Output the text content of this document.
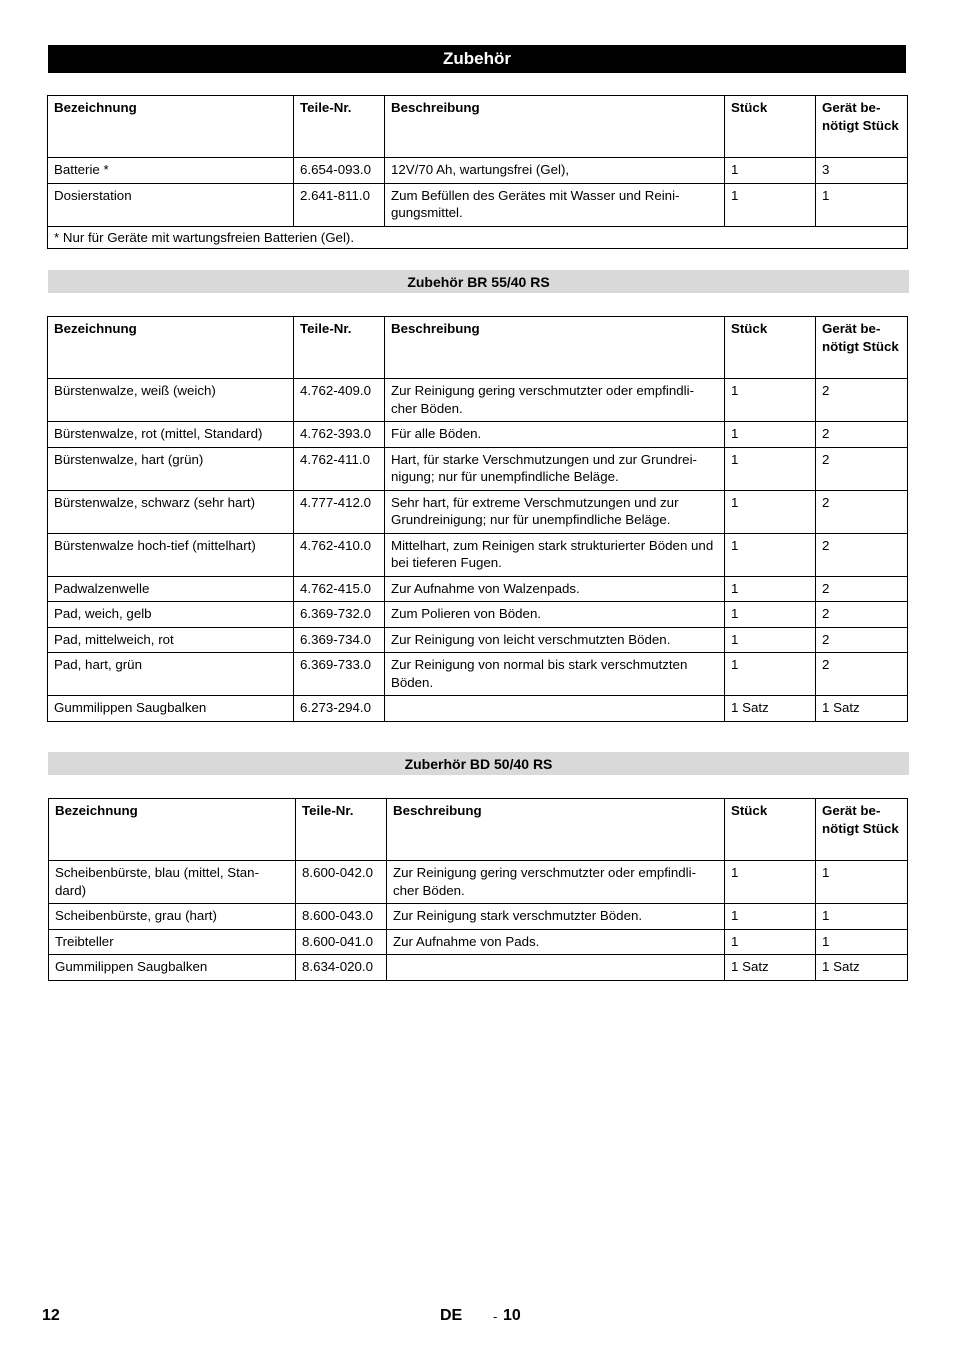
Zubehör
Bezeichnung	Teile-Nr.	Beschreibung	Stück	Gerät be-nötigt Stück
Batterie *	6.654-093.0	12V/70 Ah, wartungsfrei (Gel),	1	3
Dosierstation	2.641-811.0	Zum Befüllen des Gerätes mit Wasser und Reini-gungsmittel.	1	1
* Nur für Geräte mit wartungsfreien Batterien (Gel).				
Zubehör BR 55/40 RS
Bezeichnung	Teile-Nr.	Beschreibung	Stück	Gerät be-nötigt Stück
Bürstenwalze, weiß (weich)	4.762-409.0	Zur Reinigung gering verschmutzter oder empfindli-cher Böden.	1	2
Bürstenwalze, rot (mittel, Standard)	4.762-393.0	Für alle Böden.	1	2
Bürstenwalze, hart (grün)	4.762-411.0	Hart, für starke Verschmutzungen und zur Grundrei-nigung; nur für unempfindliche Beläge.	1	2
Bürstenwalze, schwarz (sehr hart)	4.777-412.0	Sehr hart, für extreme Verschmutzungen und zur Grundreinigung; nur für unempfindliche Beläge.	1	2
Bürstenwalze hoch-tief (mittelhart)	4.762-410.0	Mittelhart, zum Reinigen stark strukturierter Böden und bei tieferen Fugen.	1	2
Padwalzenwelle	4.762-415.0	Zur Aufnahme von Walzenpads.	1	2
Pad, weich, gelb	6.369-732.0	Zum Polieren von Böden.	1	2
Pad, mittelweich, rot	6.369-734.0	Zur Reinigung von leicht verschmutzten Böden.	1	2
Pad, hart, grün	6.369-733.0	Zur Reinigung von normal bis stark verschmutzten Böden.	1	2
Gummilippen Saugbalken	6.273-294.0		1 Satz	1 Satz
Zuberhör BD 50/40 RS
Bezeichnung	Teile-Nr.	Beschreibung	Stück	Gerät be-nötigt Stück
Scheibenbürste, blau (mittel, Stan-dard)	8.600-042.0	Zur Reinigung gering verschmutzter oder empfindli-cher Böden.	1	1
Scheibenbürste, grau (hart)	8.600-043.0	Zur Reinigung stark verschmutzter Böden.	1	1
Treibteller	8.600-041.0	Zur Aufnahme von Pads.	1	1
Gummilippen Saugbalken	8.634-020.0		1 Satz	1 Satz
12	DE - 10
